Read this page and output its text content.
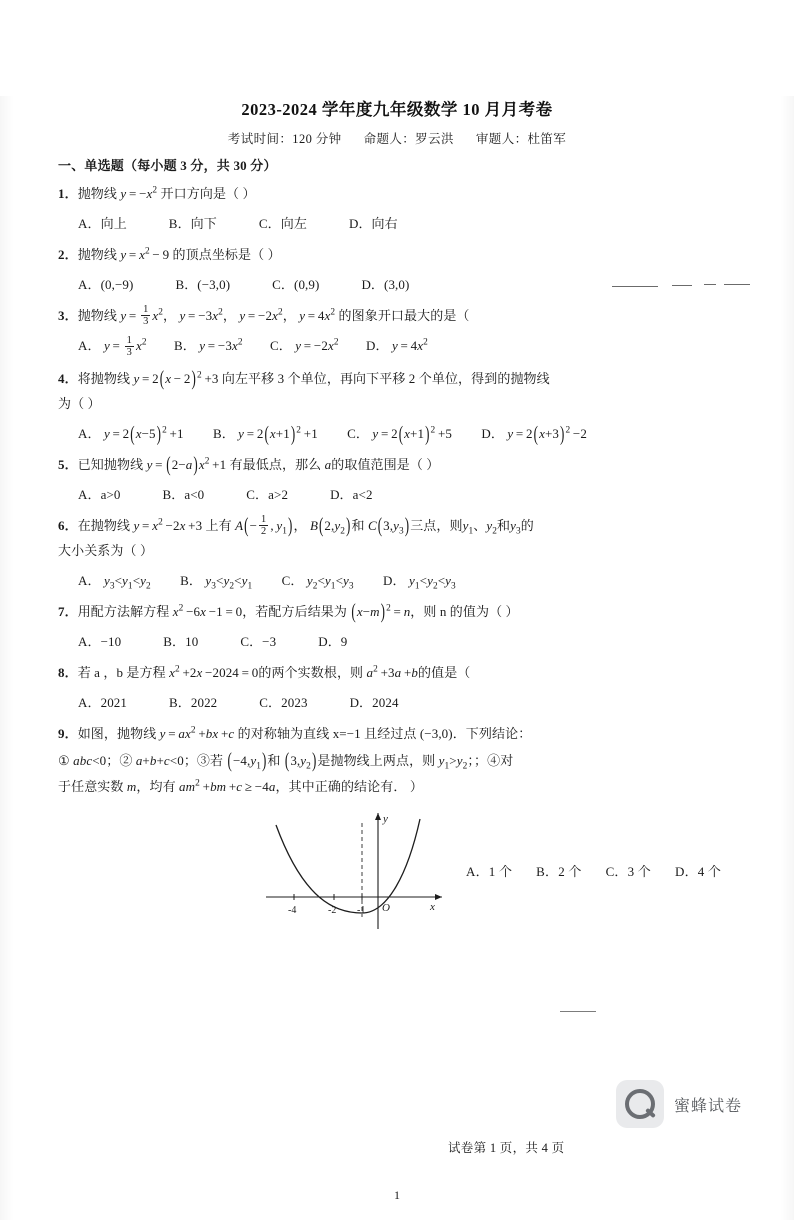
2023-2024 学年度九年级数学 10 月月考卷
考试时间：120 分钟 命题人：罗云洪 审题人：杜笛军
一、单选题（每小题 3 分，共 30 分）
1．抛物线 $y = -x^2$ 开口方向是（ ）
A．向上	B．向下	C．向左	D．向右
2．抛物线 $y = x^2 - 9$ 的顶点坐标是（ ）
A．(0,−9)	B．(−3,0)	C．(0,9)	D．(3,0)
3．抛物线 $y = \frac{1}{3} x^2$， $y = -3x^2$， $y = -2x^2$， $y = 4x^2$ 的图象开口最大的是（
A． $y = \frac{1}{3} x^2$ B． $y = -3x^2$ C． $y = -2x^2$ D． $y = 4x^2$
4．将抛物线 $y = 2(x - 2)^2 +3$ 向左平移 3 个单位，再向下平移 2 个单位，得到的抛物线
为（ ）
A． $y = 2(x-5)^2 +1$ B． $y = 2(x+1)^2 +1$ C． $y = 2(x+1)^2 +5$ D． $y = 2(x+3)^2 -2$
5．已知抛物线 $y = (2-a)x^2 +1$ 有最低点，那么 a的取值范围是（ ）
A．a>0	B．a<0	C．a>2	D．a<2
6．在抛物线 $y = x^2 -2x +3$ 上有 $A(- \frac{1}{2}$ , $y_1$)， $B(2,y_2)$和 $C(3,y_3)$三点，则$y_1$、$y_2$和$y_3$的
大小关系为（ ）
A． $y_3<y_1<y_2$ B． $y_3<y_2<y_1$ C． $y_2<y_1<y_3$ D． $y_1<y_2<y_3$
7．用配方法解方程 $x^2 -6x -1 = 0$，若配方后结果为 $(x-m)^2 = n$，则 n 的值为（ ）
A．−10	B．10	C．−3	D．9
8．若 a ，b 是方程 $x^2 +2x -2024 = 0$的两个实数根，则 $a^2 +3a +b$的值是（
A．2021	B．2022	C．2023	D．2024
9．如图，抛物线 $y = ax^2 +bx +c$ 的对称轴为直线 x=−1 且经过点 (−3,0)．下列结论：
① abc<0；② a+b+c<0；③若 $(-4,y_1)$和 $(3,y_2)$是抛物线上两点，则 $y_1>y_2$；；④对
于任意实数 m，均有 $am^2 +bm +c \ge -4a$，其中正确的结论有． ）
-4	-2 -1 O	x
y
A．1 个 B．2 个 C．3 个 D．4 个
试卷第 1 页，共 4 页
蜜蜂试卷
1
